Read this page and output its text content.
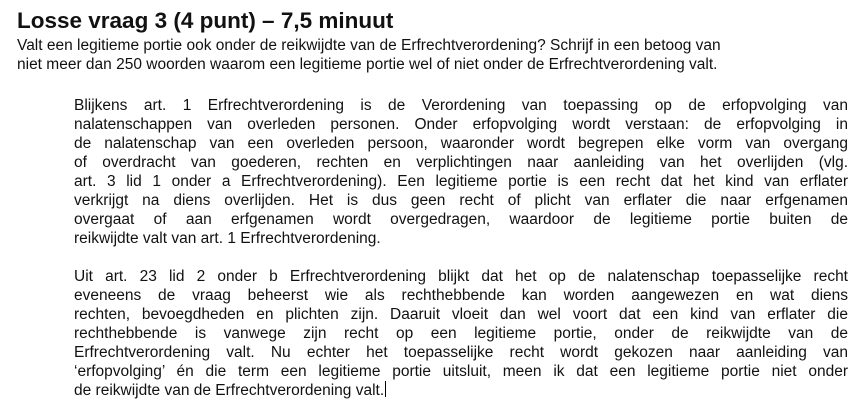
Losse vraag 3 (4 punt) – 7,5 minuut

Valt een legitieme portie ook onder de reikwijdte van de Erfrechtverordening? Schrijf in een betoog van
niet meer dan 250 woorden waarom een legitieme portie wel of niet onder de Erfrechtverordening valt.

Blijkens art. 1 Erfrechtverordening is de Verordening van toepassing op de erfopvolging van
nalatenschappen van overleden personen. Onder erfopvolging wordt verstaan: de erfopvolging in
de nalatenschap van een overleden persoon, waaronder wordt begrepen elke vorm van overgang
of overdracht van goederen, rechten en verplichtingen naar aanleiding van het overlijden (vlg.
art. 3 lid 1 onder a Erfrechtverordening). Een legitieme portie is een recht dat het kind van erflater
verkrijgt na diens overlijden. Het is dus geen recht of plicht van erflater die naar erfgenamen
overgaat of aan erfgenamen wordt overgedragen, waardoor de legitieme portie buiten de
reikwijdte valt van art. 1 Erfrechtverordening.

Uit art. 23 lid 2 onder b Erfrechtverordening blijkt dat het op de nalatenschap toepasselijke recht
eveneens de vraag beheerst wie als rechthebbende kan worden aangewezen en wat diens
rechten, bevoegdheden en plichten zijn. Daaruit vloeit dan wel voort dat een kind van erflater die
rechthebbende is vanwege zijn recht op een legitieme portie, onder de reikwijdte van de
Erfrechtverordening valt. Nu echter het toepasselijke recht wordt gekozen naar aanleiding van
‘erfopvolging’ én die term een legitieme portie uitsluit, meen ik dat een legitieme portie niet onder
de reikwijdte van de Erfrechtverordening valt.
